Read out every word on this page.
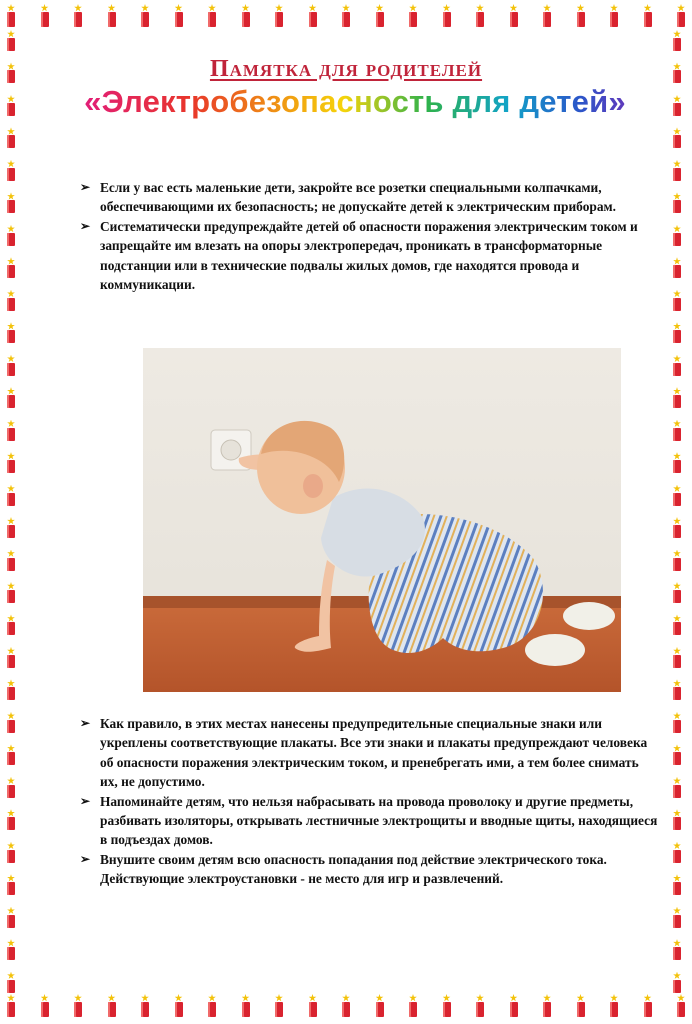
Памятка для родителей
«Электробезопасность для детей»
➢ Если у вас есть маленькие дети, закройте все розетки специальными колпачками, обеспечивающими их безопасность; не допускайте детей к электрическим приборам.
➢ Систематически предупреждайте детей об опасности поражения электрическим током и запрещайте им влезать на опоры электропередач, проникать в трансформаторные подстанции или в технические подвалы жилых домов, где находятся провода и коммуникации.
➢ Как правило, в этих местах нанесены предупредительные специальные знаки или укреплены соответствующие плакаты. Все эти знаки и плакаты предупреждают человека об опасности поражения электрическим током, и пренебрегать ими, а тем более снимать их, не допустимо.
➢ Напоминайте детям, что нельзя набрасывать на провода проволоку и другие предметы, разбивать изоляторы, открывать лестничные электрощиты и вводные щиты, находящиеся в подъездах домов.
➢ Внушите своим детям всю опасность попадания под действие электрического тока. Действующие электроустановки - не место для игр и развлечений.
